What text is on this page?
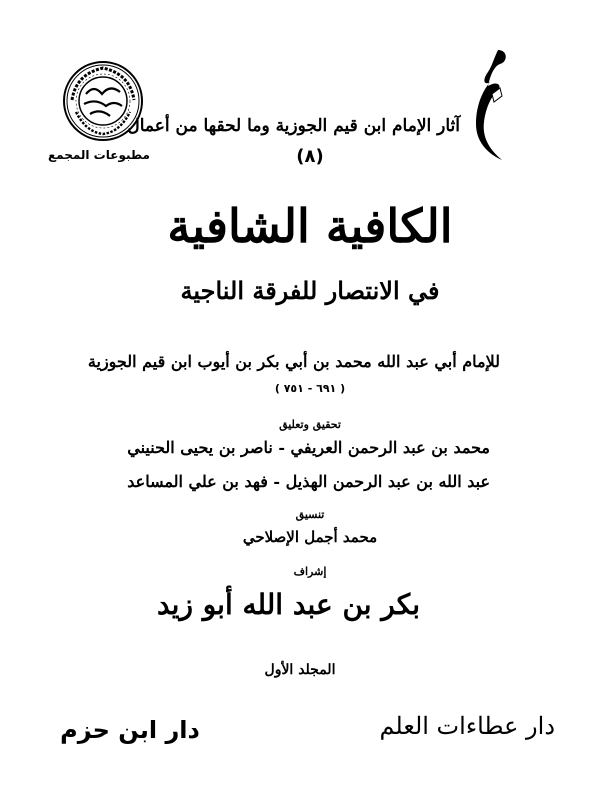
مطبوعات المجمع
آثار الإمام ابن قيم الجوزية وما لحقها من أعمال
(٨)
الكافية الشافية
في الانتصار للفرقة الناجية
للإمام أبي عبد الله محمد بن أبي بكر بن أيوب ابن قيم الجوزية
( ٦٩١ - ٧٥١ )
تحقيق وتعليق
محمد بن عبد الرحمن العريفي - ناصر بن يحيى الحنيني
عبد الله بن عبد الرحمن الهذيل - فهد بن علي المساعد
تنسيق
محمد أجمل الإصلاحي
إشراف
بكر بن عبد الله أبو زيد
المجلد الأول
دار عطاءات العلم
دار ابن حزم
